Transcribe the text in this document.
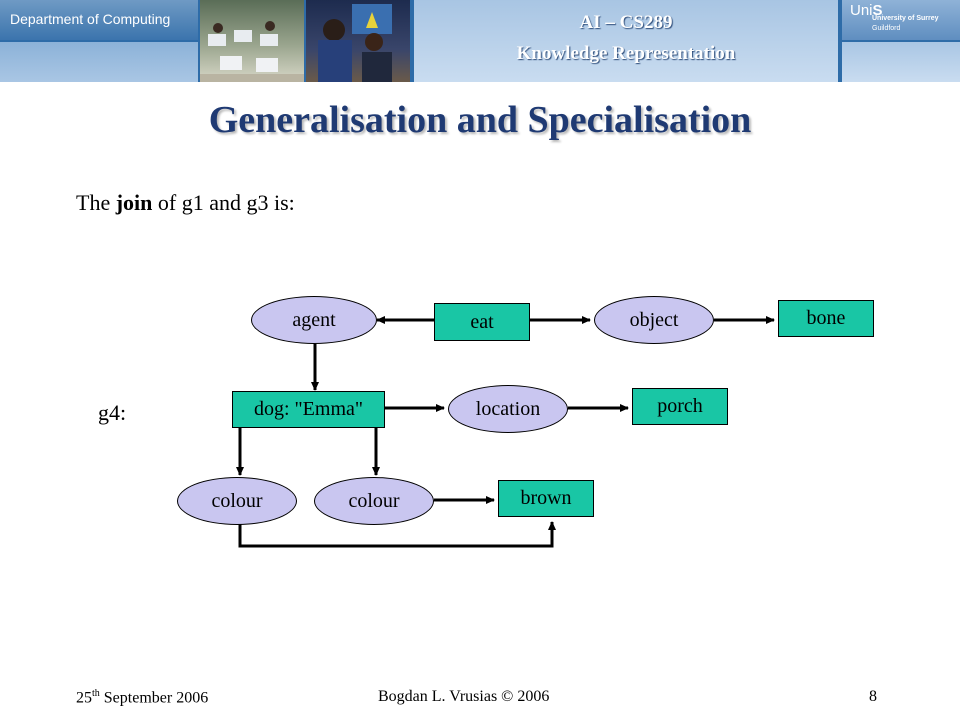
Department of Computing	AI – CS289
Knowledge Representation
UniS
University of Surrey
Guildford
Generalisation and Specialisation
The join of g1 and g3 is:
g4:
agent	object
location
colour	colour
eat	bone
dog: "Emma"	porch
brown
25th September 2006	Bogdan L. Vrusias © 2006	8
